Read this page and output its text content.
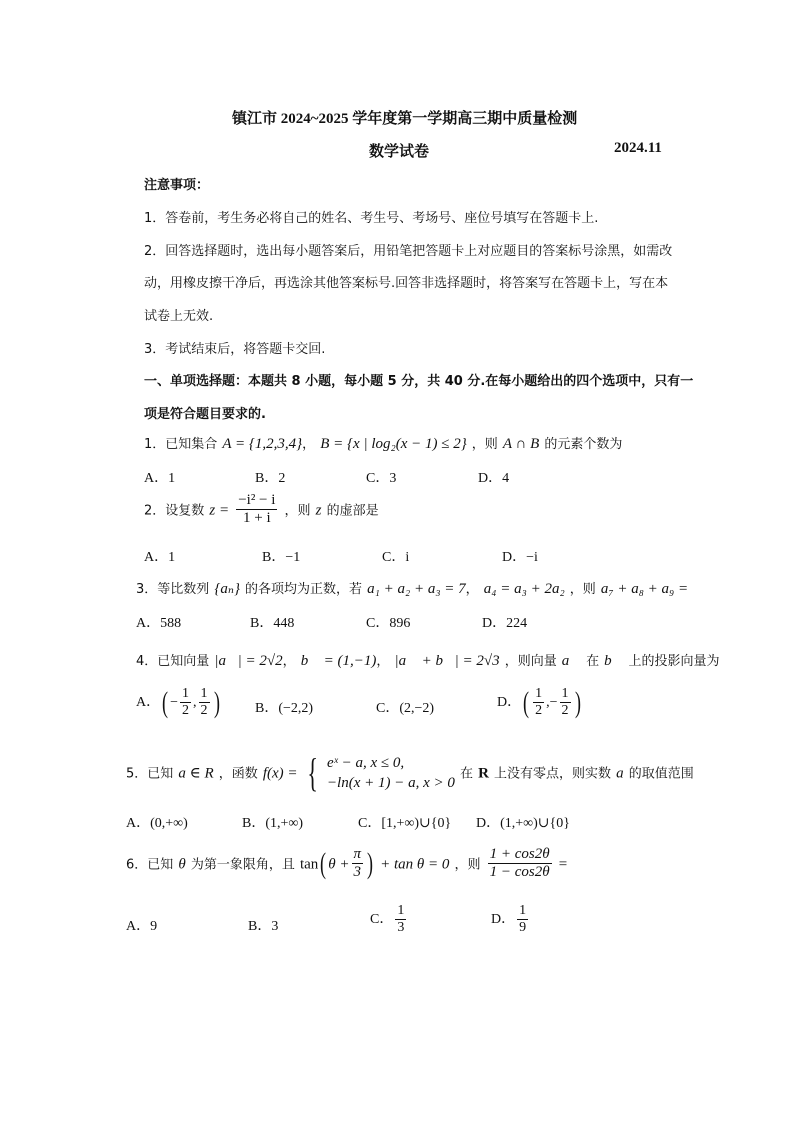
镇江市 2024~2025 学年度第一学期高三期中质量检测
数学试卷	2024.11
注意事项：
1．答卷前，考生务必将自己的姓名、考生号、考场号、座位号填写在答题卡上.
2．回答选择题时，选出每小题答案后，用铅笔把答题卡上对应题目的答案标号涂黑，如需改
动，用橡皮擦干净后，再选涂其他答案标号.回答非选择题时，将答案写在答题卡上，写在本
试卷上无效.
3．考试结束后，将答题卡交回.
一、单项选择题：本题共 8 小题，每小题 5 分，共 40 分.在每小题给出的四个选项中，只有一
项是符合题目要求的.
1．已知集合 A = {1,2,3,4}， B = {x | log₂(x − 1) ≤ 2} ，则 A ∩ B 的元素个数为
A．1	B．2	C．3	D．4
2．设复数 $z = \frac{\text{−i² − i}}{1 + i}$ ，则 z 的虚部是
A．1	B．−1	C．i	D．−i
3．等比数列 {aₙ} 的各项均为正数，若 a₁ + a₂ + a₃ = 7， a₄ = a₃ + 2a₂ ，则 a₇ + a₈ + a₉ =
A．588	B．448	C．896	D．224
4．已知向量 |a⃗| = 2√2， b⃗ = (1,−1)， |a⃗ + b⃗| = 2√3 ，则向量 a⃗ 在 b⃗ 上的投影向量为
A．( − $\frac{1}{2}$ , $\frac{1}{2}$ )	B．(−2,2)	C．(2,−2)	D．( $\frac{1}{2}$ ,− $\frac{1}{2}$ )
5．已知 a ∈ R ，函数 f(x) = { eˣ − a, x ≤ 0,
−ln(x + 1) − a, x > 0
在 R 上没有零点，则实数 a 的取值范围
A．(0,+∞)	B．(1,+∞)	C．[1,+∞)∪{0} D．(1,+∞)∪{0}
6．已知 θ 为第一象限角，且 tan( $\theta + \frac{\pi}{3}$ ) + tan θ = 0 ，则 $\frac{1 + \cos 2\theta}{1 - \cos 2\theta}$ =
A．9	B．3	C． $\frac{1}{3}$	D． $\frac{1}{9}$
